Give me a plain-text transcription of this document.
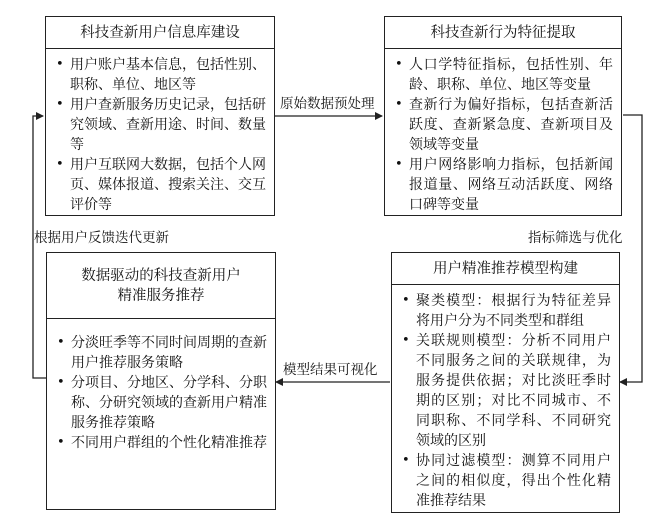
科技查新用户信息库建设
• 用户账户基本信息，包括性别、职称、单位、地区等
• 用户查新服务历史记录，包括研究领域、查新用途、时间、数量等
• 用户互联网大数据，包括个人网页、媒体报道、搜索关注、交互评价等
科技查新行为特征提取
• 人口学特征指标，包括性别、年龄、职称、单位、地区等变量
• 查新行为偏好指标，包括查新活跃度、查新紧急度、查新项目及领域等变量
• 用户网络影响力指标，包括新闻报道量、网络互动活跃度、网络口碑等变量
用户精准推荐模型构建
• 聚类模型：根据行为特征差异将用户分为不同类型和群组
• 关联规则模型：分析不同用户不同服务之间的关联规律，为服务提供依据；对比淡旺季时期的区别；对比不同城市、不同职称、不同学科、不同研究领域的区别
• 协同过滤模型：测算不同用户之间的相似度，得出个性化精准推荐结果
数据驱动的科技查新用户
精准服务推荐
• 分淡旺季等不同时间周期的查新用户推荐服务策略
• 分项目、分地区、分学科、分职称、分研究领域的查新用户精准服务推荐策略
• 不同用户群组的个性化精准推荐
原始数据预处理
指标筛选与优化
模型结果可视化
根据用户反馈迭代更新
